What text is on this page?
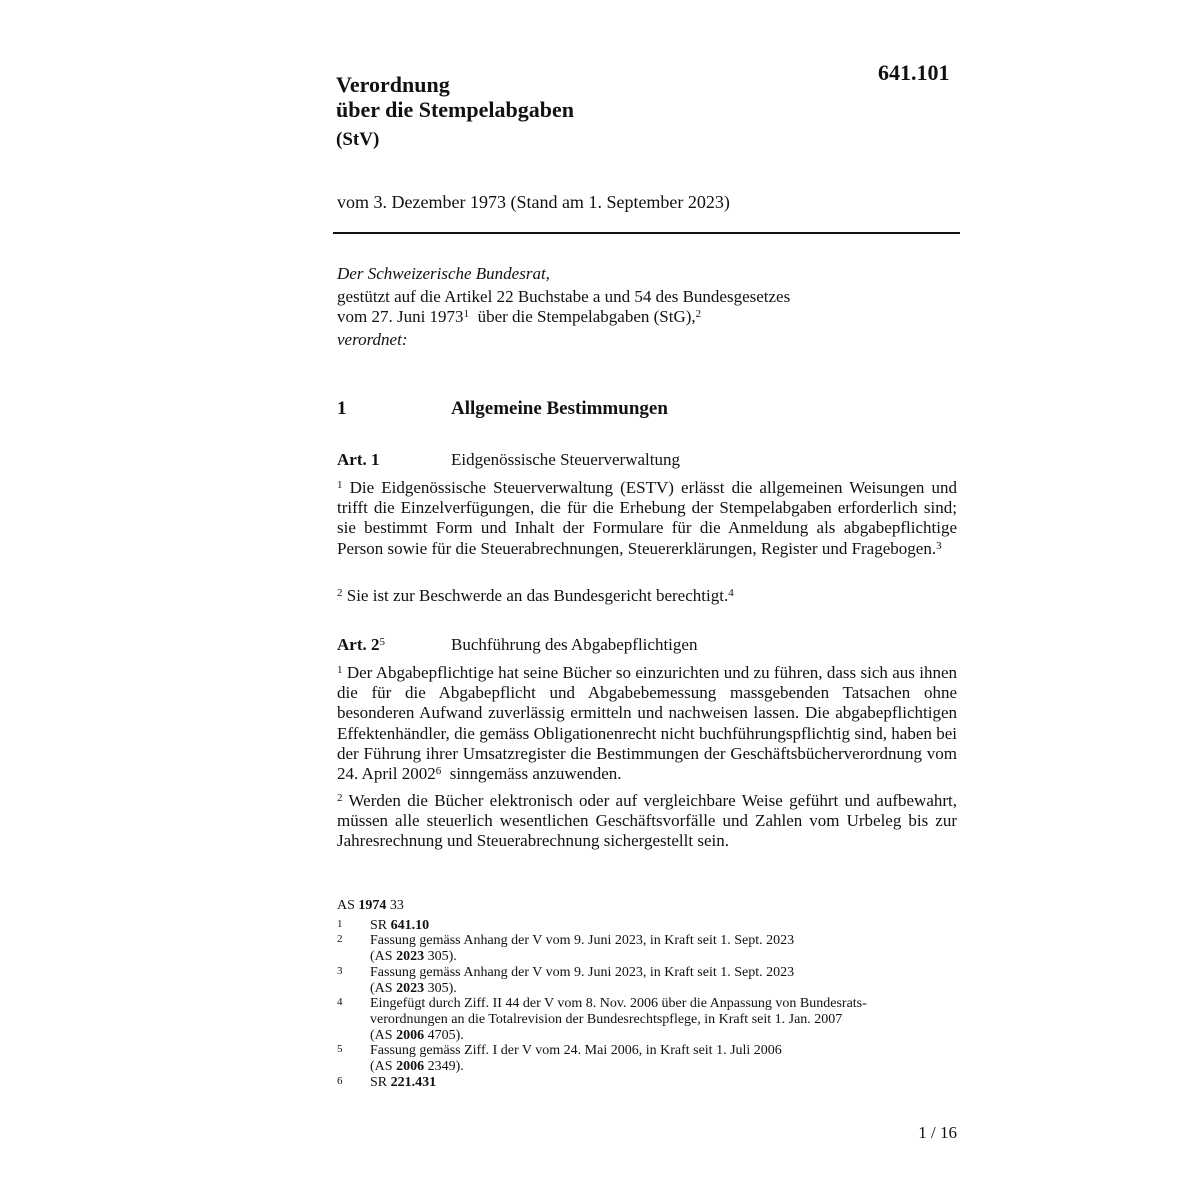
641.101
Verordnung
über die Stempelabgaben
(StV)
vom 3. Dezember 1973 (Stand am 1. September 2023)

Der Schweizerische Bundesrat,

gestützt auf die Artikel 22 Buchstabe a und 54 des Bundesgesetzes
vom 27. Juni 1973$^1$  über die Stempelabgaben (StG),$^2$

verordnet:

1	Allgemeine Bestimmungen
Art. 1	Eidgenössische Steuerverwaltung

$^1$ Die Eidgenössische Steuerverwaltung (ESTV) erlässt die allgemeinen Weisungen und trifft die Einzelverfügungen, die für die Erhebung der Stempelabgaben erforderlich sind; sie bestimmt Form und Inhalt der Formulare für die Anmeldung als abgabepflichtige Person sowie für die Steuerabrechnungen, Steuererklärungen, Register und Fragebogen.$^3$

$^2$ Sie ist zur Beschwerde an das Bundesgericht berechtigt.$^4$

Art. $2^5$	Buchführung des Abgabepflichtigen

$^1$ Der Abgabepflichtige hat seine Bücher so einzurichten und zu führen, dass sich aus ihnen die für die Abgabepflicht und Abgabebemessung massgebenden Tatsachen ohne besonderen Aufwand zuverlässig ermitteln und nachweisen lassen. Die abgabepflichtigen Effektenhändler, die gemäss Obligationenrecht nicht buchführungspflichtig sind, haben bei der Führung ihrer Umsatzregister die Bestimmungen der Geschäftsbücherverordnung vom 24. April 2002$^6$  sinngemäss anzuwenden.

$^2$ Werden die Bücher elektronisch oder auf vergleichbare Weise geführt und aufbewahrt, müssen alle steuerlich wesentlichen Geschäftsvorfälle und Zahlen vom Urbeleg bis zur Jahresrechnung und Steuerabrechnung sichergestellt sein.

AS 1974 33

1	SR 641.10
2	Fassung gemäss Anhang der V vom 9. Juni 2023, in Kraft seit 1. Sept. 2023
(AS 2023 305).
3	Fassung gemäss Anhang der V vom 9. Juni 2023, in Kraft seit 1. Sept. 2023
(AS 2023 305).
4	Eingefügt durch Ziff. II 44 der V vom 8. Nov. 2006 über die Anpassung von Bundesrats-
verordnungen an die Totalrevision der Bundesrechtspflege, in Kraft seit 1. Jan. 2007
(AS 2006 4705).
5	Fassung gemäss Ziff. I der V vom 24. Mai 2006, in Kraft seit 1. Juli 2006
(AS 2006 2349).
6	SR 221.431
1 / 16
